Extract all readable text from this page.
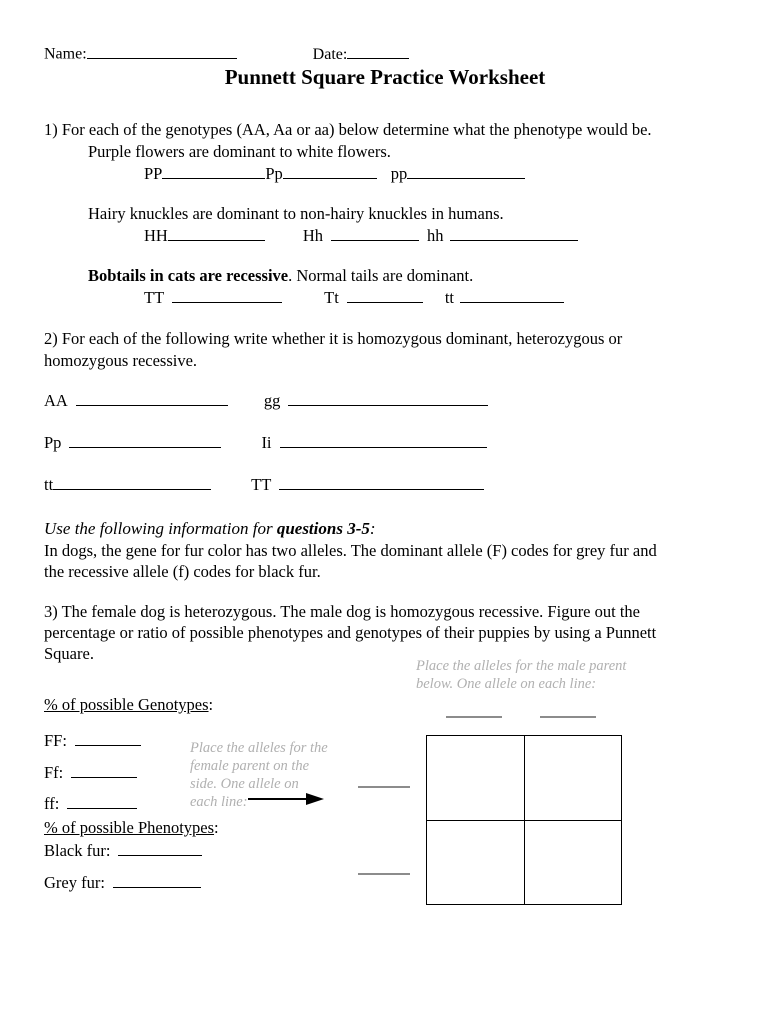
Name:	Date:
Punnett Square Practice Worksheet
1) For each of the genotypes (AA, Aa or aa) below determine what the phenotype would be.
Purple flowers are dominant to white flowers.
PP	Pp	pp
Hairy knuckles are dominant to non-hairy knuckles in humans.
HH	Hh	hh
Bobtails in cats are recessive. Normal tails are dominant.
TT	Tt	tt
2) For each of the following write whether it is homozygous dominant, heterozygous or
homozygous recessive.
AA	gg
Pp	Ii
tt	TT
Use the following information for questions 3-5:
In dogs, the gene for fur color has two alleles. The dominant allele (F) codes for grey fur and
the recessive allele (f) codes for black fur.
3) The female dog is heterozygous. The male dog is homozygous recessive. Figure out the
percentage or ratio of possible phenotypes and genotypes of their puppies by using a Punnett
Square.
Place the alleles for the male parent
below. One allele on each line:
Place the alleles for the
female parent on the
side. One allele on
each line:
% of possible Genotypes:
FF:
Ff:
ff:
% of possible Phenotypes:
Black fur:
Grey fur:
